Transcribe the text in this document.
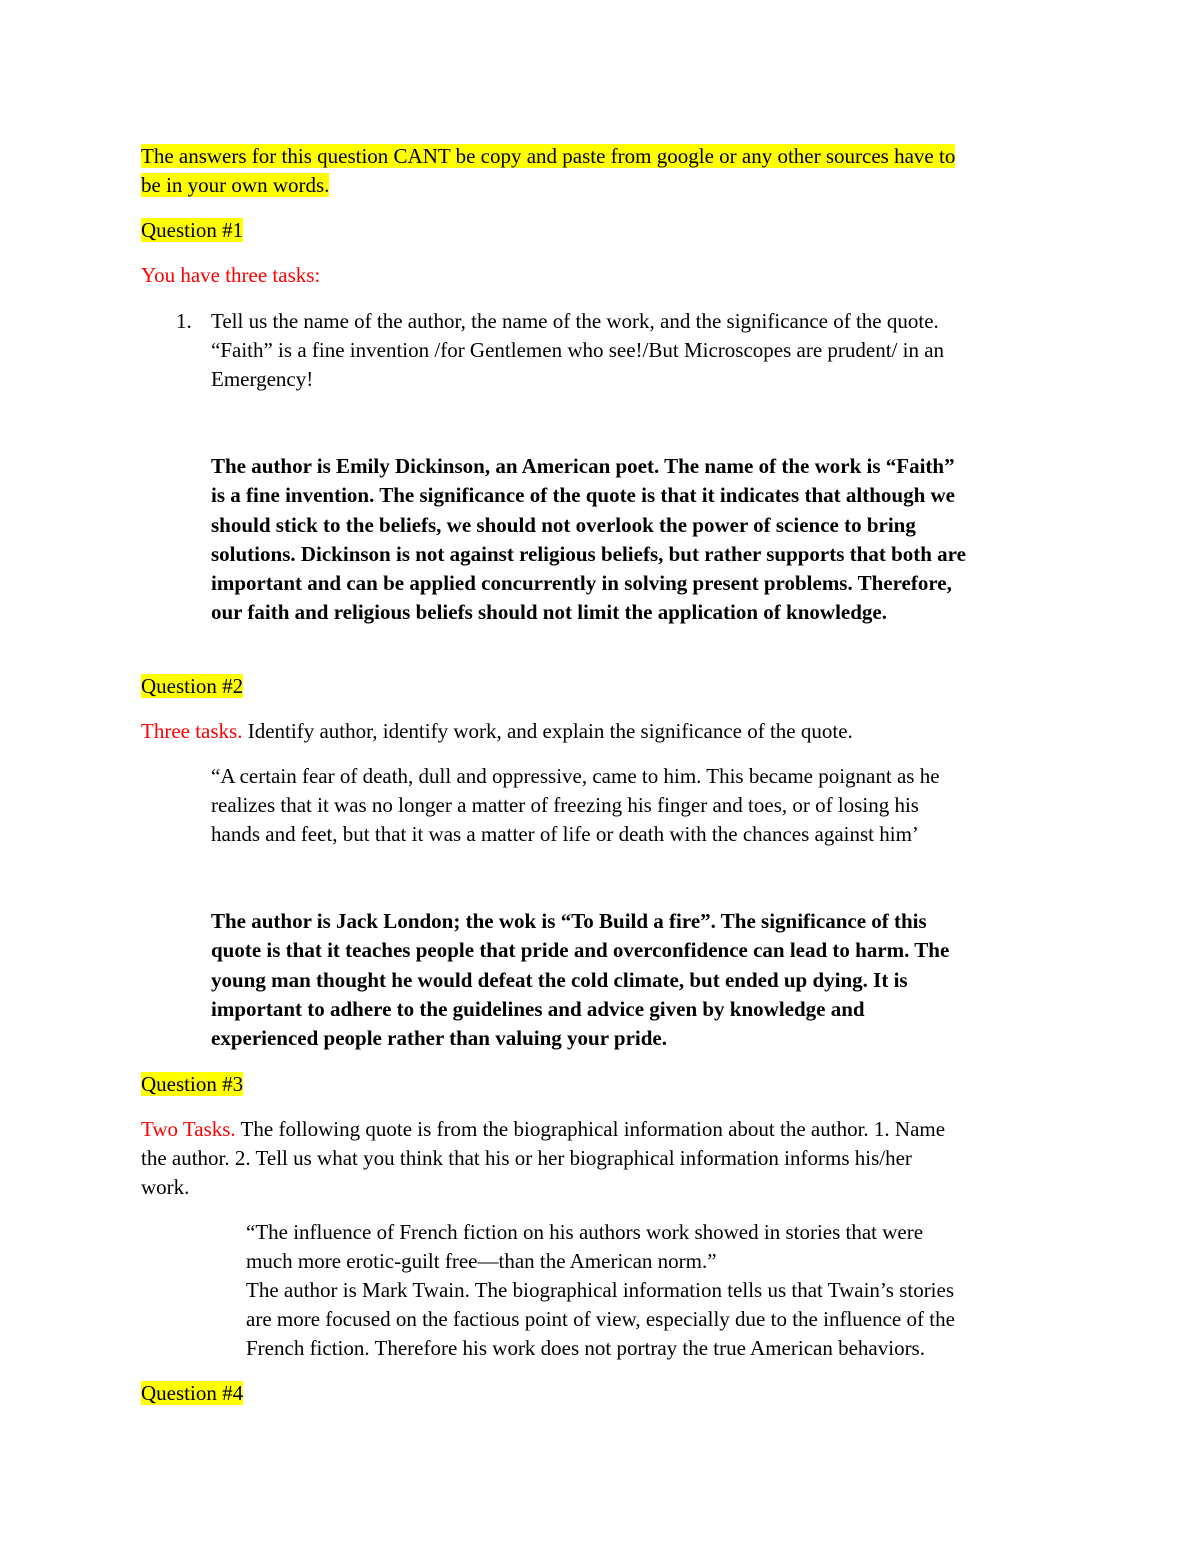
The answers for this question CANT be copy and paste from google or any other sources have to
be in your own words.
Question #1
You have three tasks:
1. Tell us the name of the author, the name of the work, and the significance of the quote.
“Faith” is a fine invention /for Gentlemen who see!/But Microscopes are prudent/ in an
Emergency!
The author is Emily Dickinson, an American poet. The name of the work is “Faith”
is a fine invention. The significance of the quote is that it indicates that although we
should stick to the beliefs, we should not overlook the power of science to bring
solutions. Dickinson is not against religious beliefs, but rather supports that both are
important and can be applied concurrently in solving present problems. Therefore,
our faith and religious beliefs should not limit the application of knowledge.
Question #2
Three tasks. Identify author, identify work, and explain the significance of the quote.
“A certain fear of death, dull and oppressive, came to him. This became poignant as he
realizes that it was no longer a matter of freezing his finger and toes, or of losing his
hands and feet, but that it was a matter of life or death with the chances against him’
The author is Jack London; the wok is “To Build a fire”. The significance of this
quote is that it teaches people that pride and overconfidence can lead to harm. The
young man thought he would defeat the cold climate, but ended up dying. It is
important to adhere to the guidelines and advice given by knowledge and
experienced people rather than valuing your pride.
Question #3
Two Tasks. The following quote is from the biographical information about the author. 1. Name
the author. 2. Tell us what you think that his or her biographical information informs his/her
work.
“The influence of French fiction on his authors work showed in stories that were
much more erotic-guilt free—than the American norm.”
The author is Mark Twain. The biographical information tells us that Twain’s stories
are more focused on the factious point of view, especially due to the influence of the
French fiction. Therefore his work does not portray the true American behaviors.
Question #4
